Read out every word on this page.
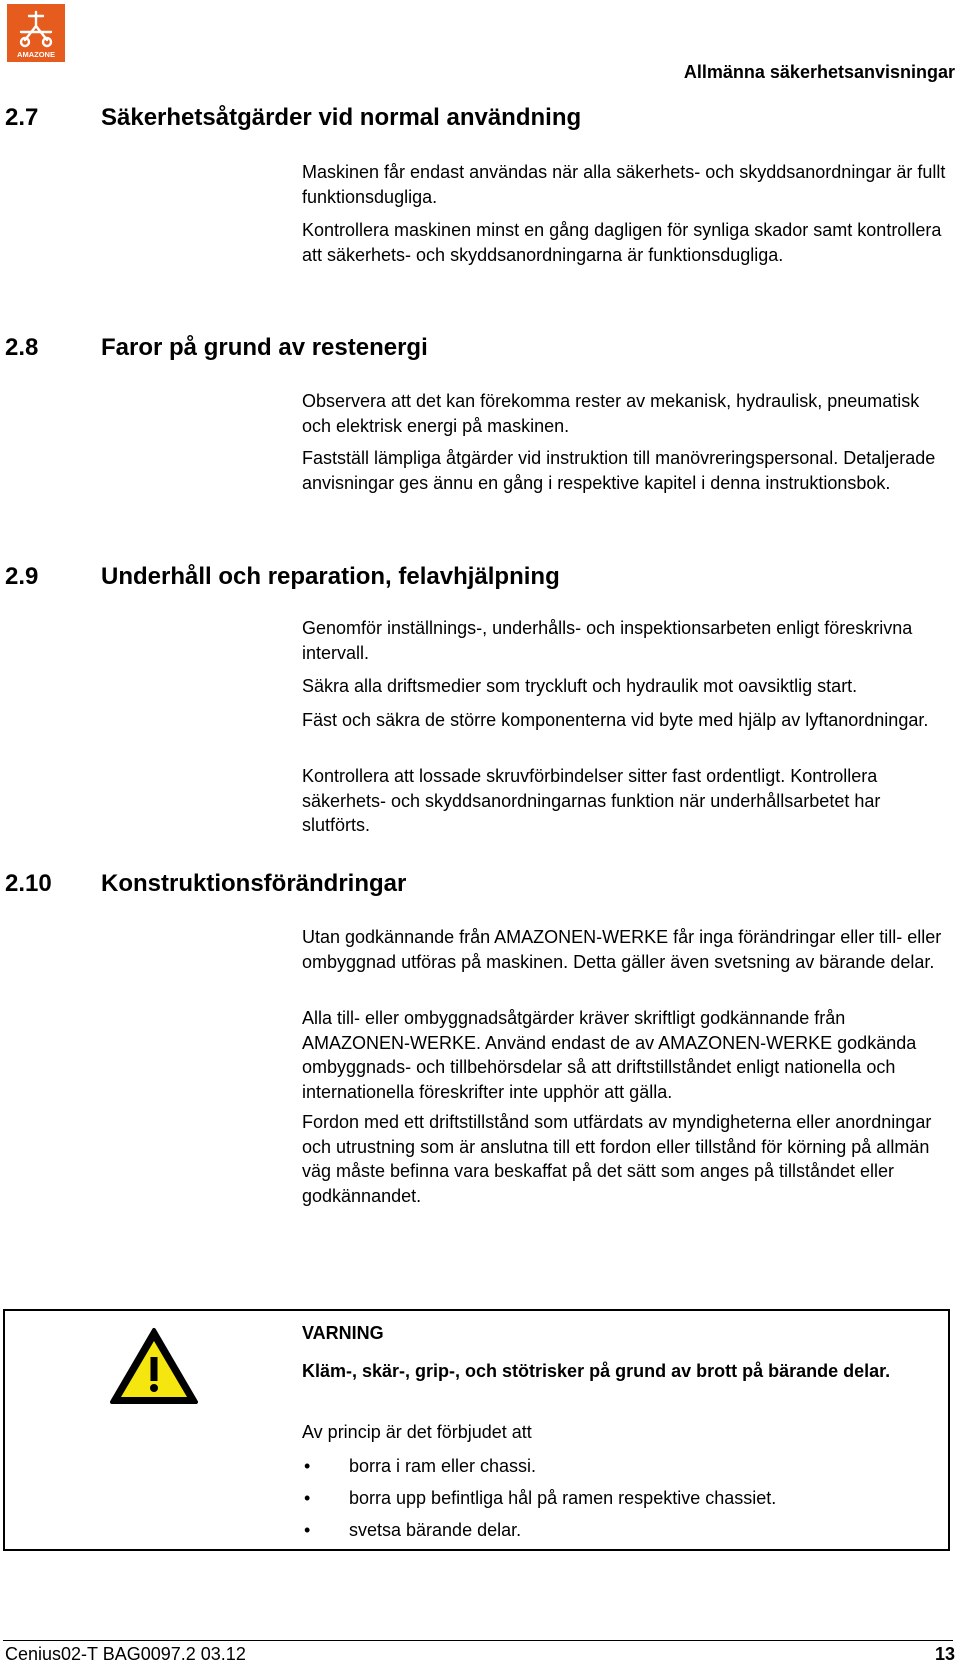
AMAZONE
Allmänna säkerhetsanvisningar
2.7	Säkerhetsåtgärder vid normal användning

Maskinen får endast användas när alla säkerhets- och skyddsanordningar är fullt funktionsdugliga.

Kontrollera maskinen minst en gång dagligen för synliga skador samt kontrollera att säkerhets- och skyddsanordningarna är funktionsdugliga.

2.8	Faror på grund av restenergi

Observera att det kan förekomma rester av mekanisk, hydraulisk, pneumatisk och elektrisk energi på maskinen.

Fastställ lämpliga åtgärder vid instruktion till manövreringspersonal. Detaljerade anvisningar ges ännu en gång i respektive kapitel i denna instruktionsbok.

2.9	Underhåll och reparation, felavhjälpning

Genomför inställnings-, underhålls- och inspektionsarbeten enligt föreskrivna intervall.

Säkra alla driftsmedier som tryckluft och hydraulik mot oavsiktlig start.

Fäst och säkra de större komponenterna vid byte med hjälp av lyftanordningar.

Kontrollera att lossade skruvförbindelser sitter fast ordentligt. Kontrollera säkerhets- och skyddsanordningarnas funktion när underhållsarbetet har slutförts.

2.10 Konstruktionsförändringar

Utan godkännande från AMAZONEN-WERKE får inga förändringar eller till- eller ombyggnad utföras på maskinen. Detta gäller även svetsning av bärande delar.

Alla till- eller ombyggnadsåtgärder kräver skriftligt godkännande från AMAZONEN-WERKE. Använd endast de av AMAZONEN-WERKE godkända ombyggnads- och tillbehörsdelar så att driftstillståndet enligt nationella och internationella föreskrifter inte upphör att gälla.

Fordon med ett driftstillstånd som utfärdats av myndigheterna eller anordningar och utrustning som är anslutna till ett fordon eller tillstånd för körning på allmän väg måste befinna vara beskaffat på det sätt som anges på tillståndet eller godkännandet.

VARNING
Kläm-, skär-, grip-, och stötrisker på grund av brott på bärande delar.
Av princip är det förbjudet att
• borra i ram eller chassi.
• borra upp befintliga hål på ramen respektive chassiet.
• svetsa bärande delar.
Cenius02-T BAG0097.2 03.12	13
